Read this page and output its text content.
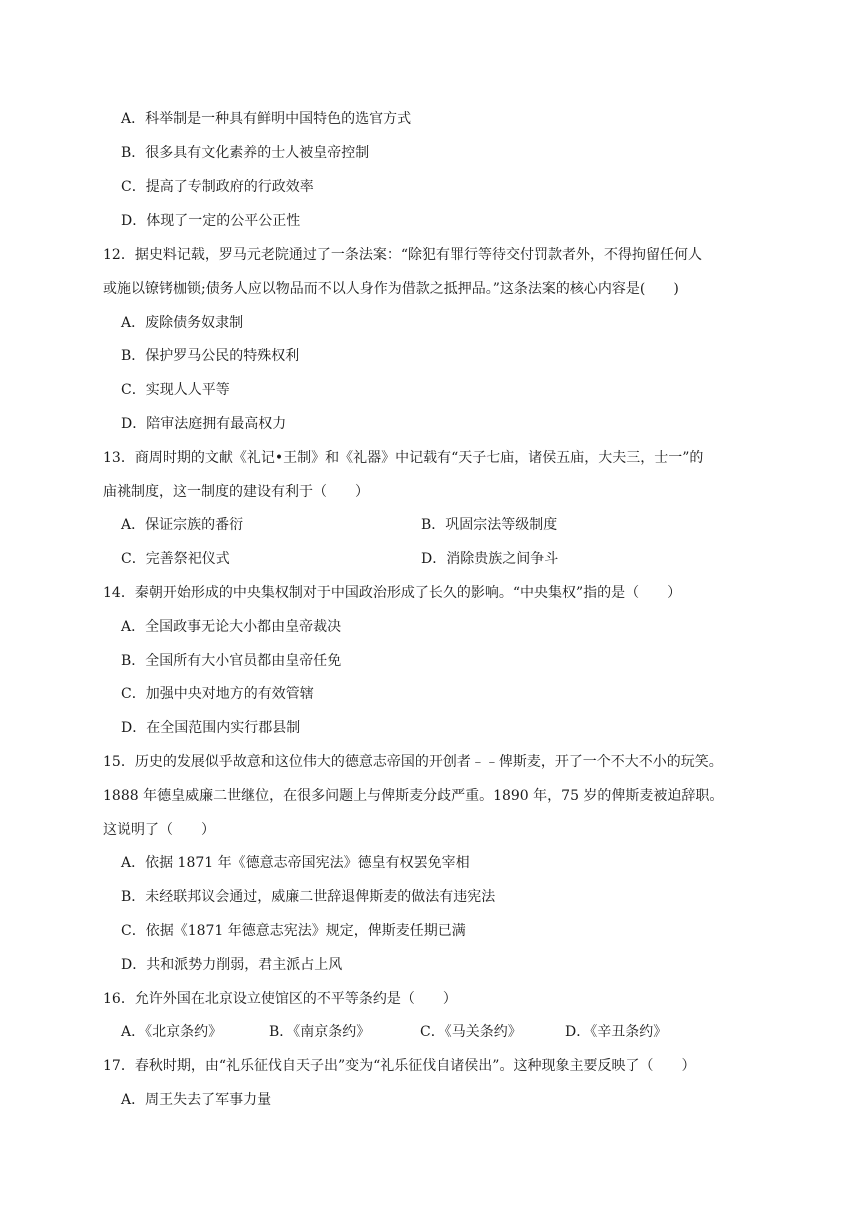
A．科举制是一种具有鲜明中国特色的选官方式
B．很多具有文化素养的士人被皇帝控制
C．提高了专制政府的行政效率
D．体现了一定的公平公正性
12．据史料记载，罗马元老院通过了一条法案：“除犯有罪行等待交付罚款者外，不得拘留任何人
或施以镣铐枷锁;债务人应以物品而不以人身作为借款之抵押品。”这条法案的核心内容是(　　)
A．废除债务奴隶制
B．保护罗马公民的特殊权利
C．实现人人平等
D．陪审法庭拥有最高权力
13．商周时期的文献《礼记•王制》和《礼器》中记载有“天子七庙，诸侯五庙，大夫三，士一”的
庙祧制度，这一制度的建设有利于（　　）
A．保证宗族的番衍	B．巩固宗法等级制度
C．完善祭祀仪式	D．消除贵族之间争斗
14．秦朝开始形成的中央集权制对于中国政治形成了长久的影响。“中央集权”指的是（　　）
A．全国政事无论大小都由皇帝裁决
B．全国所有大小官员都由皇帝任免
C．加强中央对地方的有效管辖
D．在全国范围内实行郡县制
15．历史的发展似乎故意和这位伟大的德意志帝国的开创者﹣﹣俾斯麦，开了一个不大不小的玩笑。
1888 年德皇威廉二世继位，在很多问题上与俾斯麦分歧严重。1890 年，75 岁的俾斯麦被迫辞职。
这说明了（　　）
A．依据 1871 年《德意志帝国宪法》德皇有权罢免宰相
B．未经联邦议会通过，威廉二世辞退俾斯麦的做法有违宪法
C．依据《1871 年德意志宪法》规定，俾斯麦任期已满
D．共和派势力削弱，君主派占上风
16．允许外国在北京设立使馆区的不平等条约是（　　）
A．《北京条约》	B．《南京条约》	C．《马关条约》	D．《辛丑条约》
17．春秋时期，由“礼乐征伐自天子出”变为“礼乐征伐自诸侯出”。这种现象主要反映了（　　）
A．周王失去了军事力量
